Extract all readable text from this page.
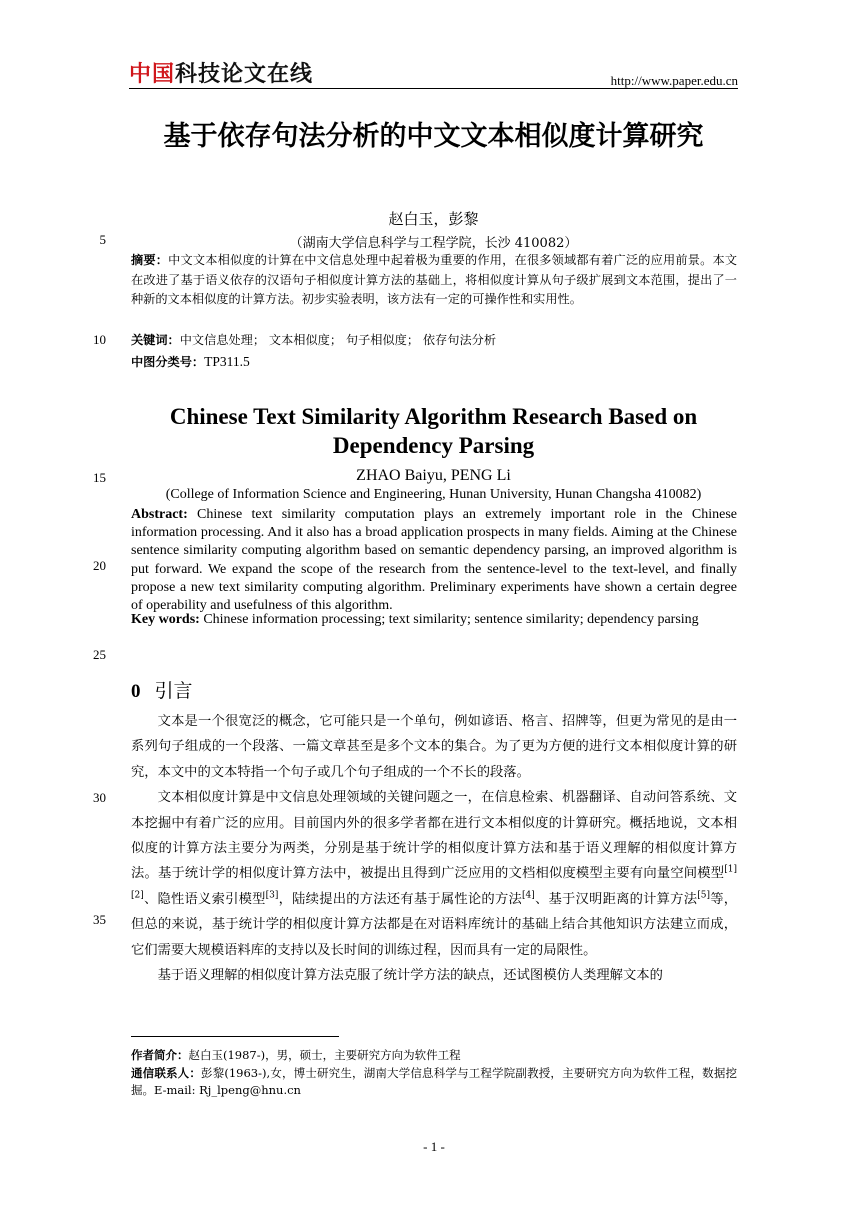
中国科技论文在线	http://www.paper.edu.cn
5
10
15
20
25
30
35
基于依存句法分析的中文文本相似度计算研究
赵白玉，彭黎
（湖南大学信息科学与工程学院，长沙 410082）
摘要：中文文本相似度的计算在中文信息处理中起着极为重要的作用，在很多领域都有着广泛的应用前景。本文在改进了基于语义依存的汉语句子相似度计算方法的基础上，将相似度计算从句子级扩展到文本范围，提出了一种新的文本相似度的计算方法。初步实验表明，该方法有一定的可操作性和实用性。
关键词：中文信息处理； 文本相似度； 句子相似度； 依存句法分析
中图分类号：TP311.5
Chinese Text Similarity Algorithm Research Based on Dependency Parsing
ZHAO Baiyu, PENG Li
(College of Information Science and Engineering, Hunan University, Hunan Changsha 410082)
Abstract: Chinese text similarity computation plays an extremely important role in the Chinese information processing. And it also has a broad application prospects in many fields. Aiming at the Chinese sentence similarity computing algorithm based on semantic dependency parsing, an improved algorithm is put forward. We expand the scope of the research from the sentence-level to the text-level, and finally propose a new text similarity computing algorithm. Preliminary experiments have shown a certain degree of operability and usefulness of this algorithm.
Key words: Chinese information processing; text similarity; sentence similarity; dependency parsing
0 引言

文本是一个很宽泛的概念，它可能只是一个单句，例如谚语、格言、招牌等，但更为常见的是由一系列句子组成的一个段落、一篇文章甚至是多个文本的集合。为了更为方便的进行文本相似度计算的研究，本文中的文本特指一个句子或几个句子组成的一个不长的段落。

文本相似度计算是中文信息处理领域的关键问题之一，在信息检索、机器翻译、自动问答系统、文本挖掘中有着广泛的应用。目前国内外的很多学者都在进行文本相似度的计算研究。概括地说，文本相似度的计算方法主要分为两类，分别是基于统计学的相似度计算方法和基于语义理解的相似度计算方法。基于统计学的相似度计算方法中，被提出且得到广泛应用的文档相似度模型主要有向量空间模型[1][2]、隐性语义索引模型[3]，陆续提出的方法还有基于属性论的方法[4]、基于汉明距离的计算方法[5]等，但总的来说，基于统计学的相似度计算方法都是在对语料库统计的基础上结合其他知识方法建立而成，它们需要大规模语料库的支持以及长时间的训练过程，因而具有一定的局限性。

基于语义理解的相似度计算方法克服了统计学方法的缺点，还试图模仿人类理解文本的

作者简介：赵白玉(1987-)，男，硕士，主要研究方向为软件工程

通信联系人：彭黎(1963-),女，博士研究生，湖南大学信息科学与工程学院副教授，主要研究方向为软件工程，数据挖掘。E-mail: Rj_lpeng@hnu.cn

- 1 -
